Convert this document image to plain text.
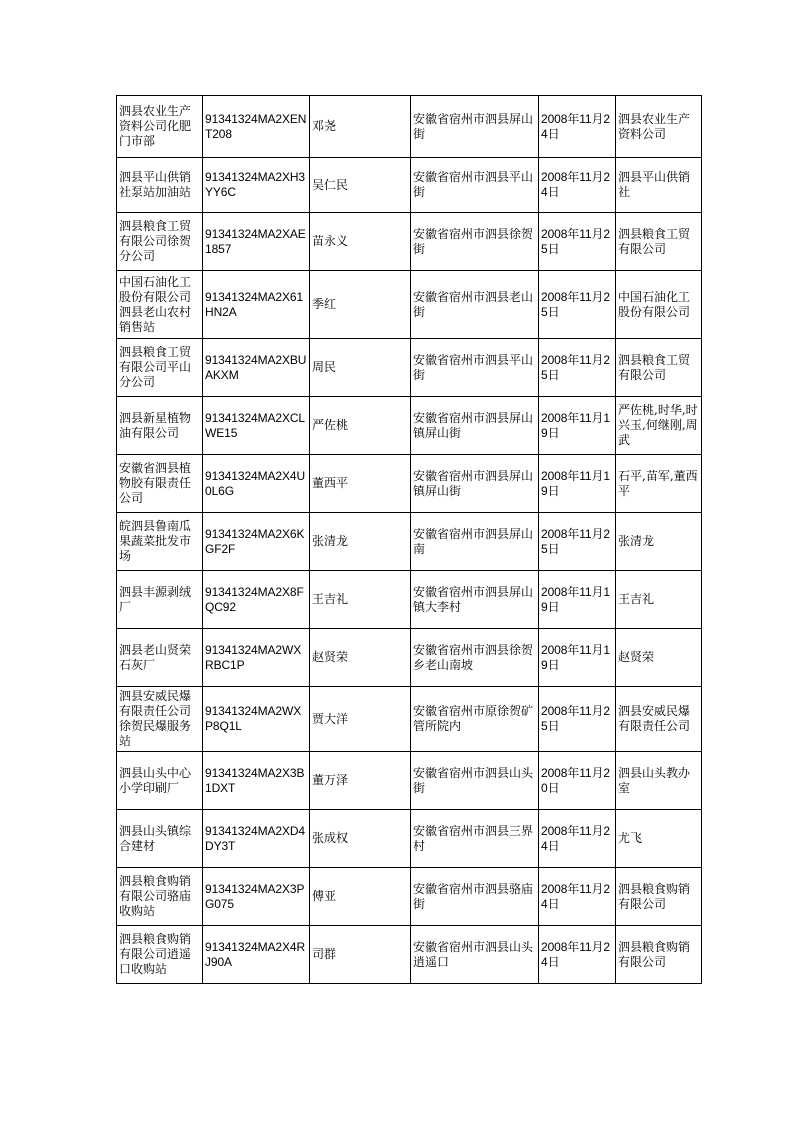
泗县农业生产资料公司化肥门市部	91341324MA2XENT208	邓尧	安徽省宿州市泗县屏山街	2008年11月24日	泗县农业生产资料公司
泗县平山供销社泵站加油站	91341324MA2XH3YY6C	吴仁民	安徽省宿州市泗县平山街	2008年11月24日	泗县平山供销社
泗县粮食工贸有限公司徐贺分公司	91341324MA2XAE1857	苗永义	安徽省宿州市泗县徐贺街	2008年11月25日	泗县粮食工贸有限公司
中国石油化工股份有限公司泗县老山农村销售站	91341324MA2X61HN2A	季红	安徽省宿州市泗县老山街	2008年11月25日	中国石油化工股份有限公司
泗县粮食工贸有限公司平山分公司	91341324MA2XBUAKXM	周民	安徽省宿州市泗县平山街	2008年11月25日	泗县粮食工贸有限公司
泗县新星植物油有限公司	91341324MA2XCLWE15	严佐桃	安徽省宿州市泗县屏山镇屏山街	2008年11月19日	严佐桃,时华,时兴玉,何继刚,周武
安徽省泗县植物胶有限责任公司	91341324MA2X4U0L6G	董西平	安徽省宿州市泗县屏山镇屏山街	2008年11月19日	石平,苗军,董西平
皖泗县鲁南瓜果蔬菜批发市场	91341324MA2X6KGF2F	张清龙	安徽省宿州市泗县屏山南	2008年11月25日	张清龙
泗县丰源剥绒厂	91341324MA2X8FQC92	王吉礼	安徽省宿州市泗县屏山镇大李村	2008年11月19日	王吉礼
泗县老山贤荣石灰厂	91341324MA2WXRBC1P	赵贤荣	安徽省宿州市泗县徐贺乡老山南坡	2008年11月19日	赵贤荣
泗县安威民爆有限责任公司徐贺民爆服务站	91341324MA2WXP8Q1L	贾大洋	安徽省宿州市原徐贺矿管所院内	2008年11月25日	泗县安威民爆有限责任公司
泗县山头中心小学印刷厂	91341324MA2X3B1DXT	董万泽	安徽省宿州市泗县山头街	2008年11月20日	泗县山头教办室
泗县山头镇综合建材	91341324MA2XD4DY3T	张成权	安徽省宿州市泗县三界村	2008年11月24日	尤飞
泗县粮食购销有限公司骆庙收购站	91341324MA2X3PG075	傅亚	安徽省宿州市泗县骆庙街	2008年11月24日	泗县粮食购销有限公司
泗县粮食购销有限公司逍遥口收购站	91341324MA2X4RJ90A	司群	安徽省宿州市泗县山头逍遥口	2008年11月24日	泗县粮食购销有限公司
